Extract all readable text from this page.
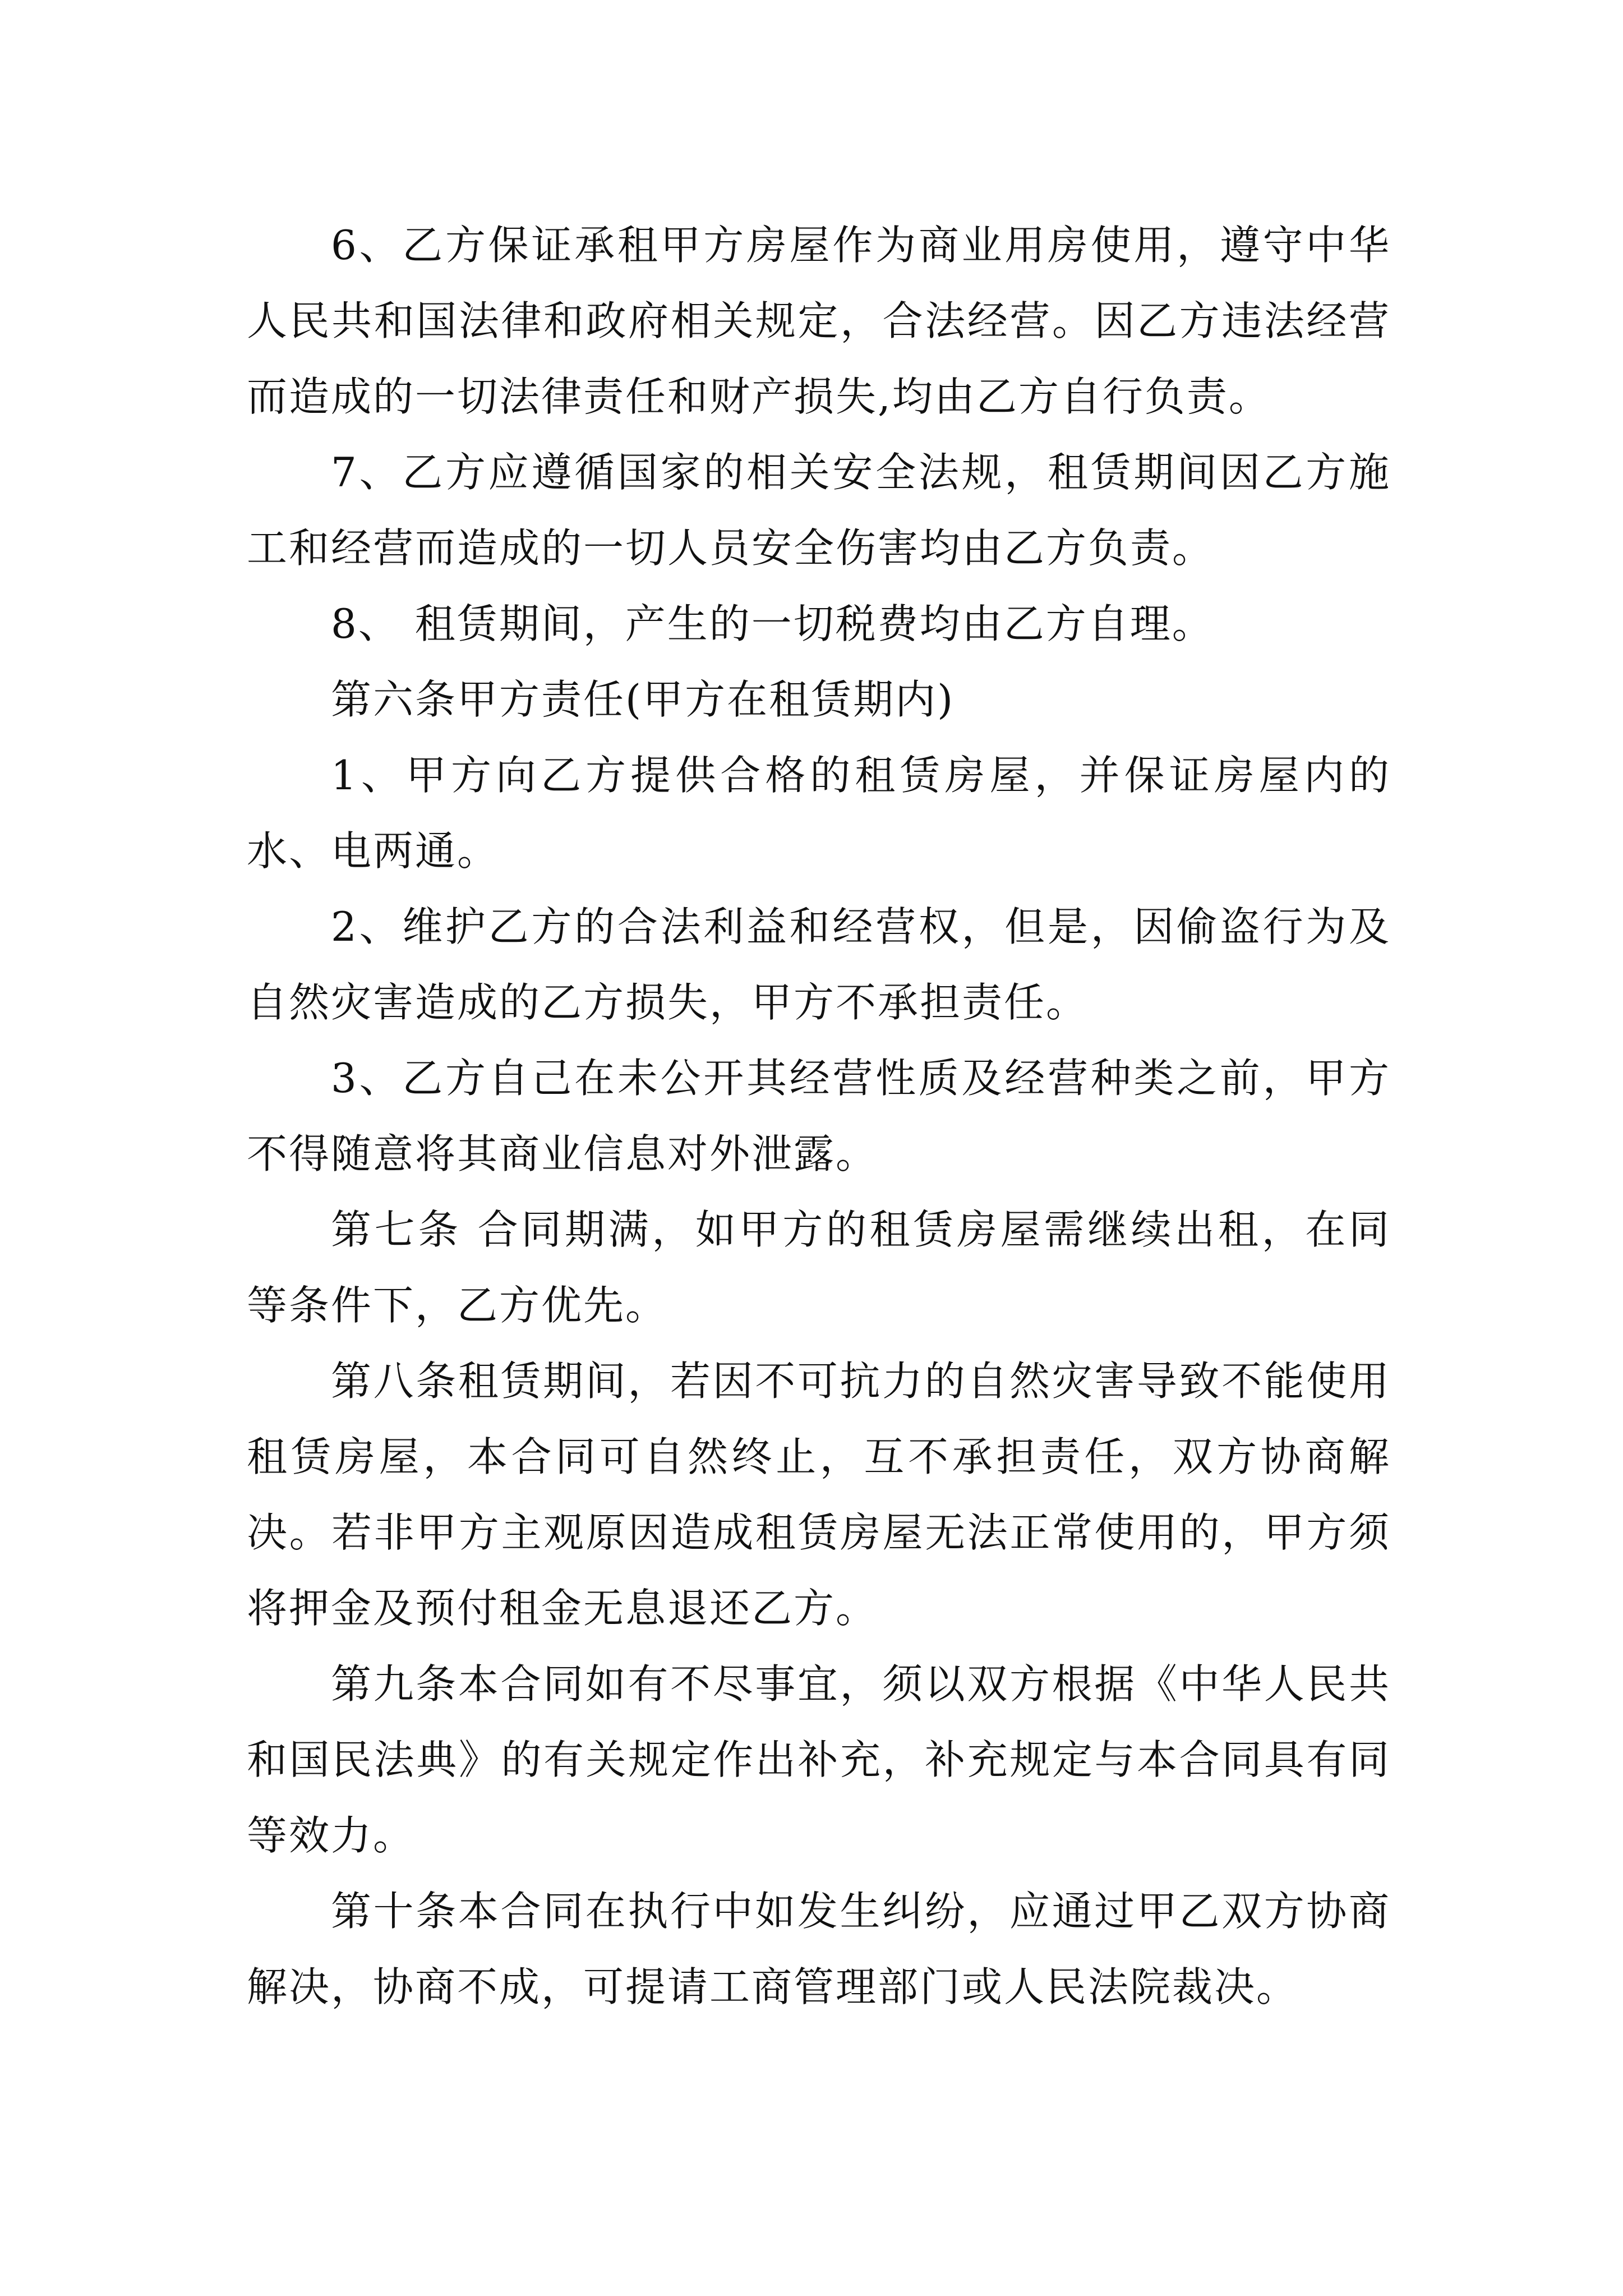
6、乙方保证承租甲方房屋作为商业用房使用，遵守中华人民共和国法律和政府相关规定，合法经营。因乙方违法经营而造成的一切法律责任和财产损失,均由乙方自行负责。

7、乙方应遵循国家的相关安全法规，租赁期间因乙方施工和经营而造成的一切人员安全伤害均由乙方负责。

8、 租赁期间，产生的一切税费均由乙方自理。

第六条甲方责任(甲方在租赁期内)

1、甲方向乙方提供合格的租赁房屋，并保证房屋内的水、电两通。

2、维护乙方的合法利益和经营权，但是，因偷盗行为及自然灾害造成的乙方损失，甲方不承担责任。

3、乙方自己在未公开其经营性质及经营种类之前，甲方不得随意将其商业信息对外泄露。

第七条 合同期满，如甲方的租赁房屋需继续出租，在同等条件下，乙方优先。

第八条租赁期间，若因不可抗力的自然灾害导致不能使用租赁房屋，本合同可自然终止，互不承担责任，双方协商解决。若非甲方主观原因造成租赁房屋无法正常使用的，甲方须将押金及预付租金无息退还乙方。

第九条本合同如有不尽事宜，须以双方根据《中华人民共和国民法典》的有关规定作出补充，补充规定与本合同具有同等效力。

第十条本合同在执行中如发生纠纷，应通过甲乙双方协商解决，协商不成，可提请工商管理部门或人民法院裁决。
